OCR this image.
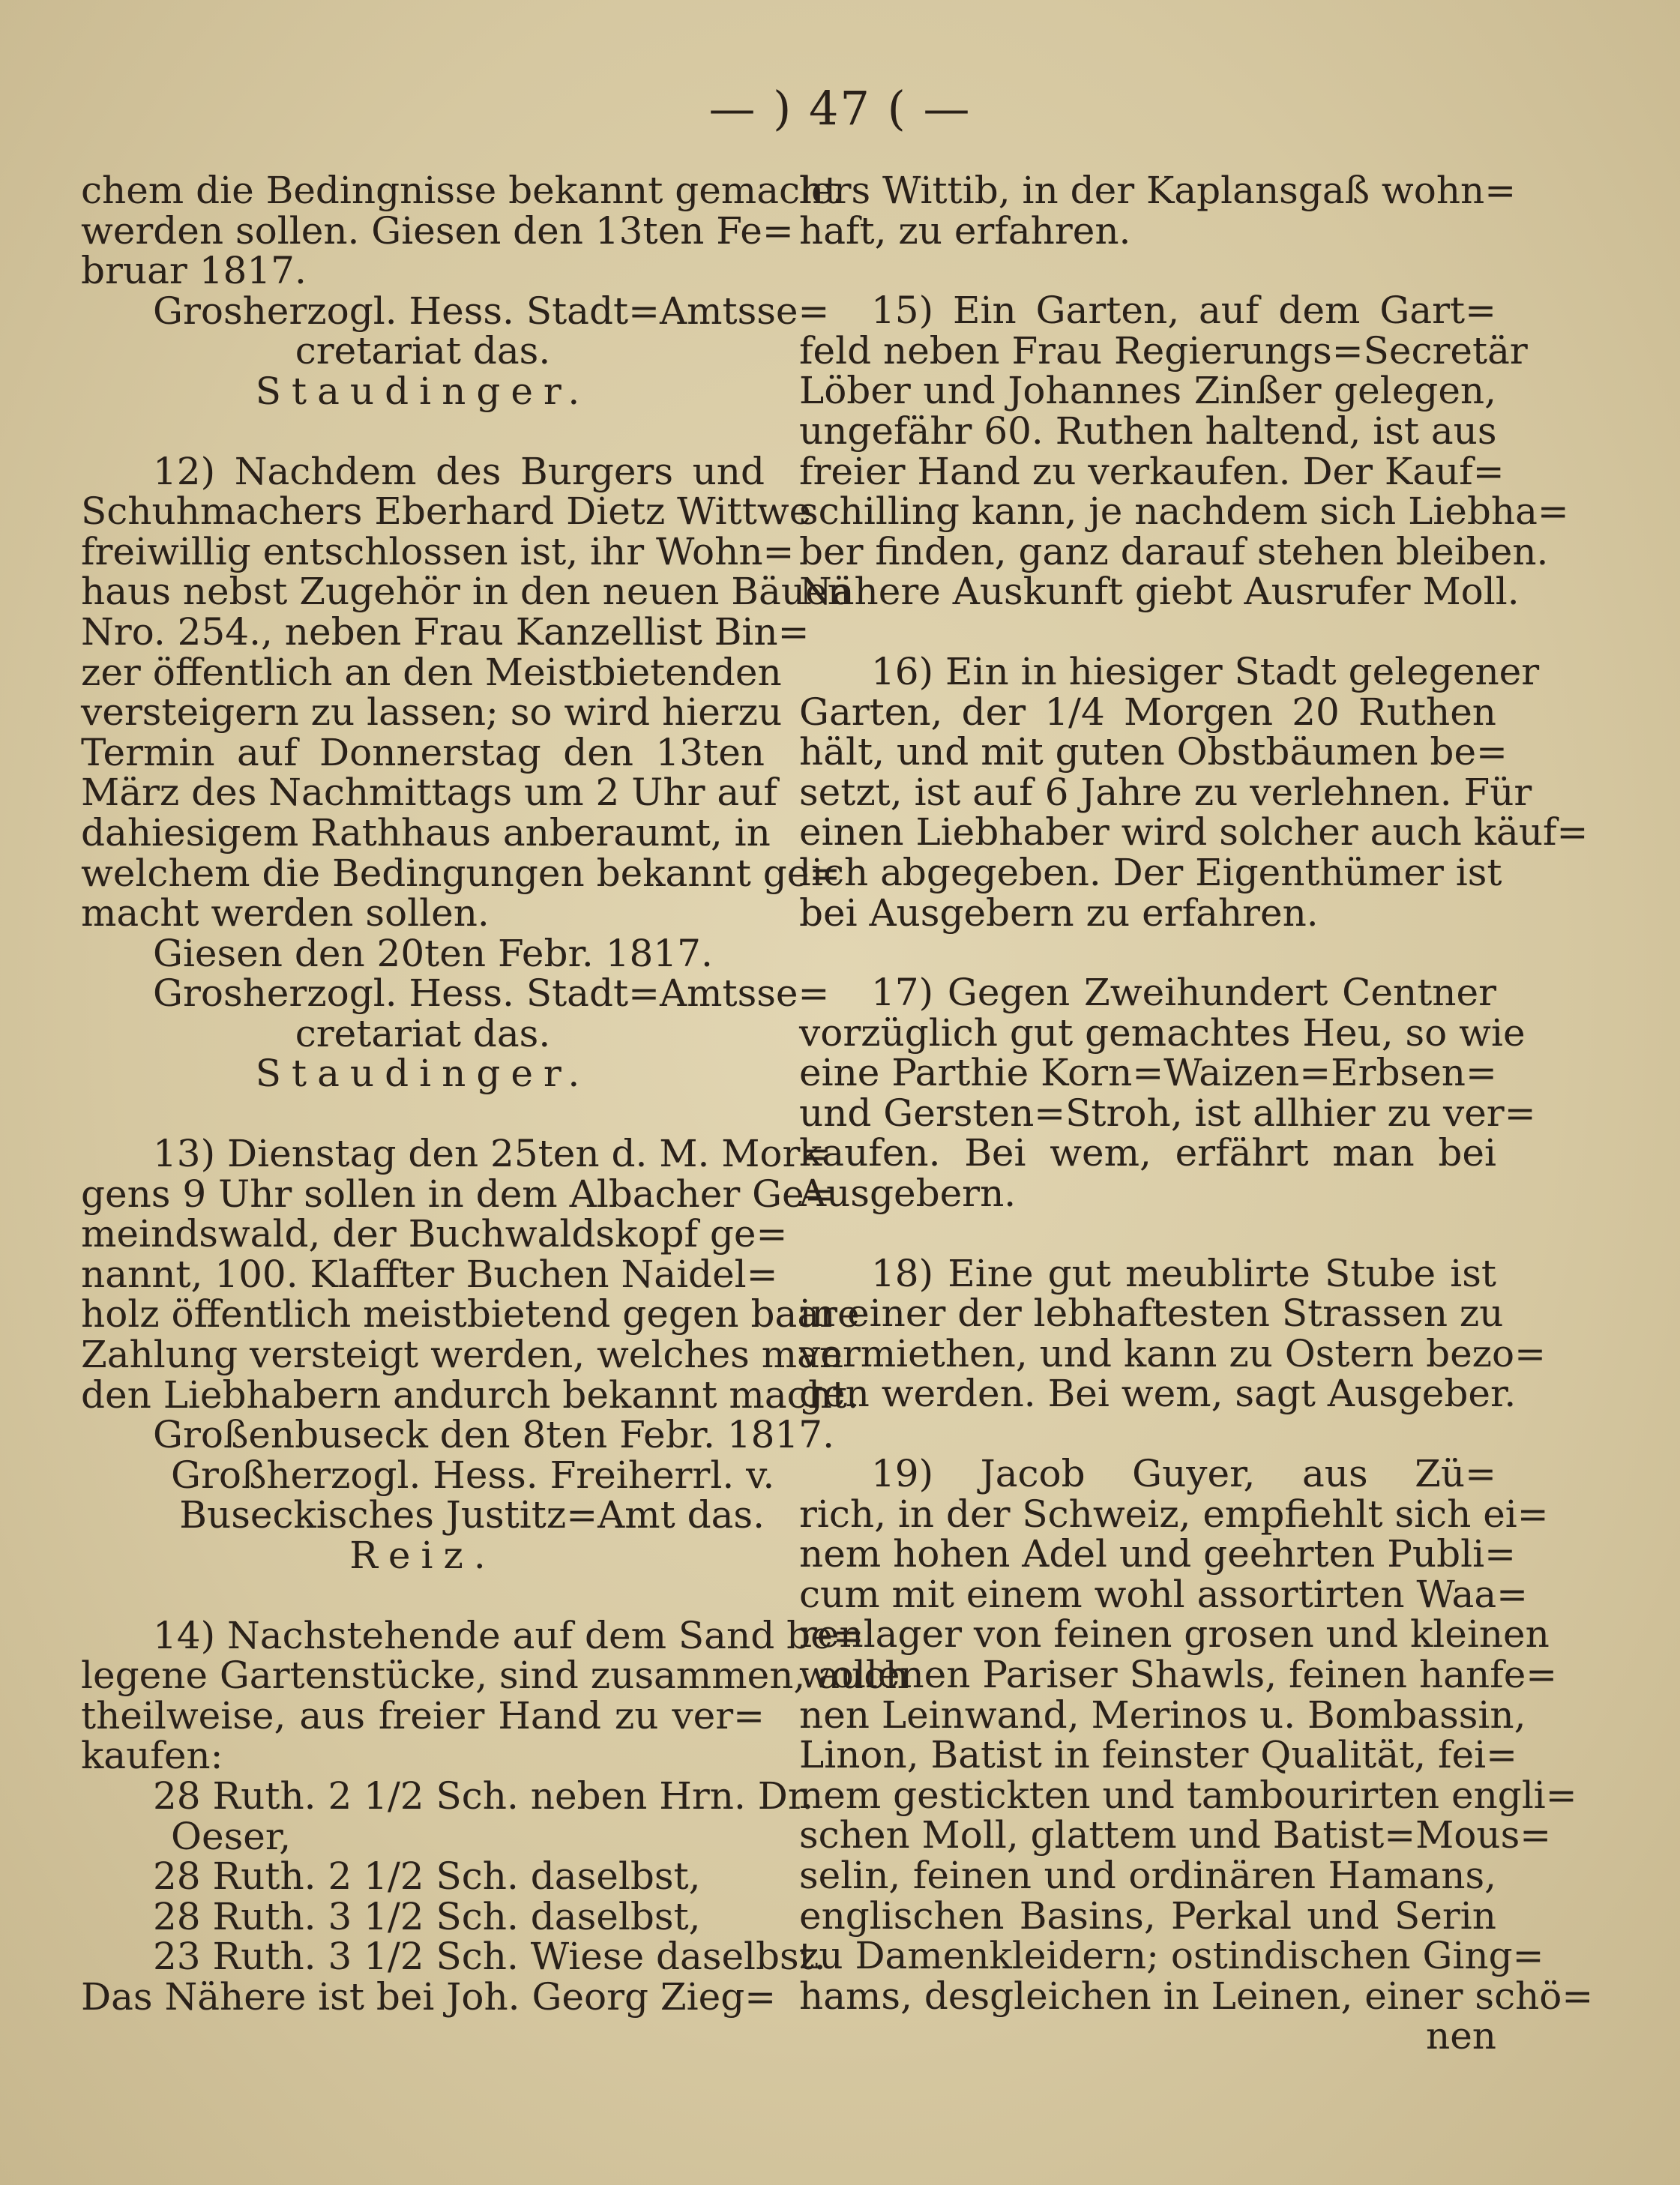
— ) 47 ( —
chem die Bedingnisse bekannt gemacht
werden sollen. Giesen den 13ten Fe=
bruar 1817.
Grosherzogl. Hess. Stadt=Amtsse=
cretariat das.
Staudinger.
12) Nachdem des Burgers und
Schuhmachers Eberhard Dietz Wittwe
freiwillig entschlossen ist, ihr Wohn=
haus nebst Zugehör in den neuen Bäuen
Nro. 254., neben Frau Kanzellist Bin=
zer öffentlich an den Meistbietenden
versteigern zu lassen; so wird hierzu
Termin auf Donnerstag den 13ten
März des Nachmittags um 2 Uhr auf
dahiesigem Rathhaus anberaumt, in
welchem die Bedingungen bekannt ge=
macht werden sollen.
Giesen den 20ten Febr. 1817.
Grosherzogl. Hess. Stadt=Amtsse=
cretariat das.
Staudinger.
13) Dienstag den 25ten d. M. Mor=
gens 9 Uhr sollen in dem Albacher Ge=
meindswald, der Buchwaldskopf ge=
nannt, 100. Klaffter Buchen Naidel=
holz öffentlich meistbietend gegen baare
Zahlung versteigt werden, welches man
den Liebhabern andurch bekannt macht.
Großenbuseck den 8ten Febr. 1817.
Großherzogl. Hess. Freiherrl. v.
Buseckisches Justitz=Amt das.
Reiz.
14) Nachstehende auf dem Sand be=
legene Gartenstücke, sind zusammen, auch
theilweise, aus freier Hand zu ver=
kaufen:
28 Ruth. 2 1/2 Sch. neben Hrn. Dr.
Oeser,
28 Ruth. 2 1/2 Sch. daselbst,
28 Ruth. 3 1/2 Sch. daselbst,
23 Ruth. 3 1/2 Sch. Wiese daselbst.
Das Nähere ist bei Joh. Georg Zieg=
lers Wittib, in der Kaplansgaß wohn=
haft, zu erfahren.
15) Ein Garten, auf dem Gart=
feld neben Frau Regierungs=Secretär
Löber und Johannes Zinßer gelegen,
ungefähr 60. Ruthen haltend, ist aus
freier Hand zu verkaufen. Der Kauf=
schilling kann, je nachdem sich Liebha=
ber finden, ganz darauf stehen bleiben.
Nähere Auskunft giebt Ausrufer Moll.
16) Ein in hiesiger Stadt gelegener
Garten, der 1/4 Morgen 20 Ruthen
hält, und mit guten Obstbäumen be=
setzt, ist auf 6 Jahre zu verlehnen. Für
einen Liebhaber wird solcher auch käuf=
lich abgegeben. Der Eigenthümer ist
bei Ausgebern zu erfahren.
17) Gegen Zweihundert Centner
vorzüglich gut gemachtes Heu, so wie
eine Parthie Korn=Waizen=Erbsen=
und Gersten=Stroh, ist allhier zu ver=
kaufen. Bei wem, erfährt man bei
Ausgebern.
18) Eine gut meublirte Stube ist
in einer der lebhaftesten Strassen zu
vermiethen, und kann zu Ostern bezo=
gen werden. Bei wem, sagt Ausgeber.
19) Jacob Guyer, aus Zü=
rich, in der Schweiz, empfiehlt sich ei=
nem hohen Adel und geehrten Publi=
cum mit einem wohl assortirten Waa=
renlager von feinen grosen und kleinen
wollenen Pariser Shawls, feinen hanfe=
nen Leinwand, Merinos u. Bombassin,
Linon, Batist in feinster Qualität, fei=
nem gestickten und tambourirten engli=
schen Moll, glattem und Batist=Mous=
selin, feinen und ordinären Hamans,
englischen Basins, Perkal und Serin
zu Damenkleidern; ostindischen Ging=
hams, desgleichen in Leinen, einer schö=
nen
